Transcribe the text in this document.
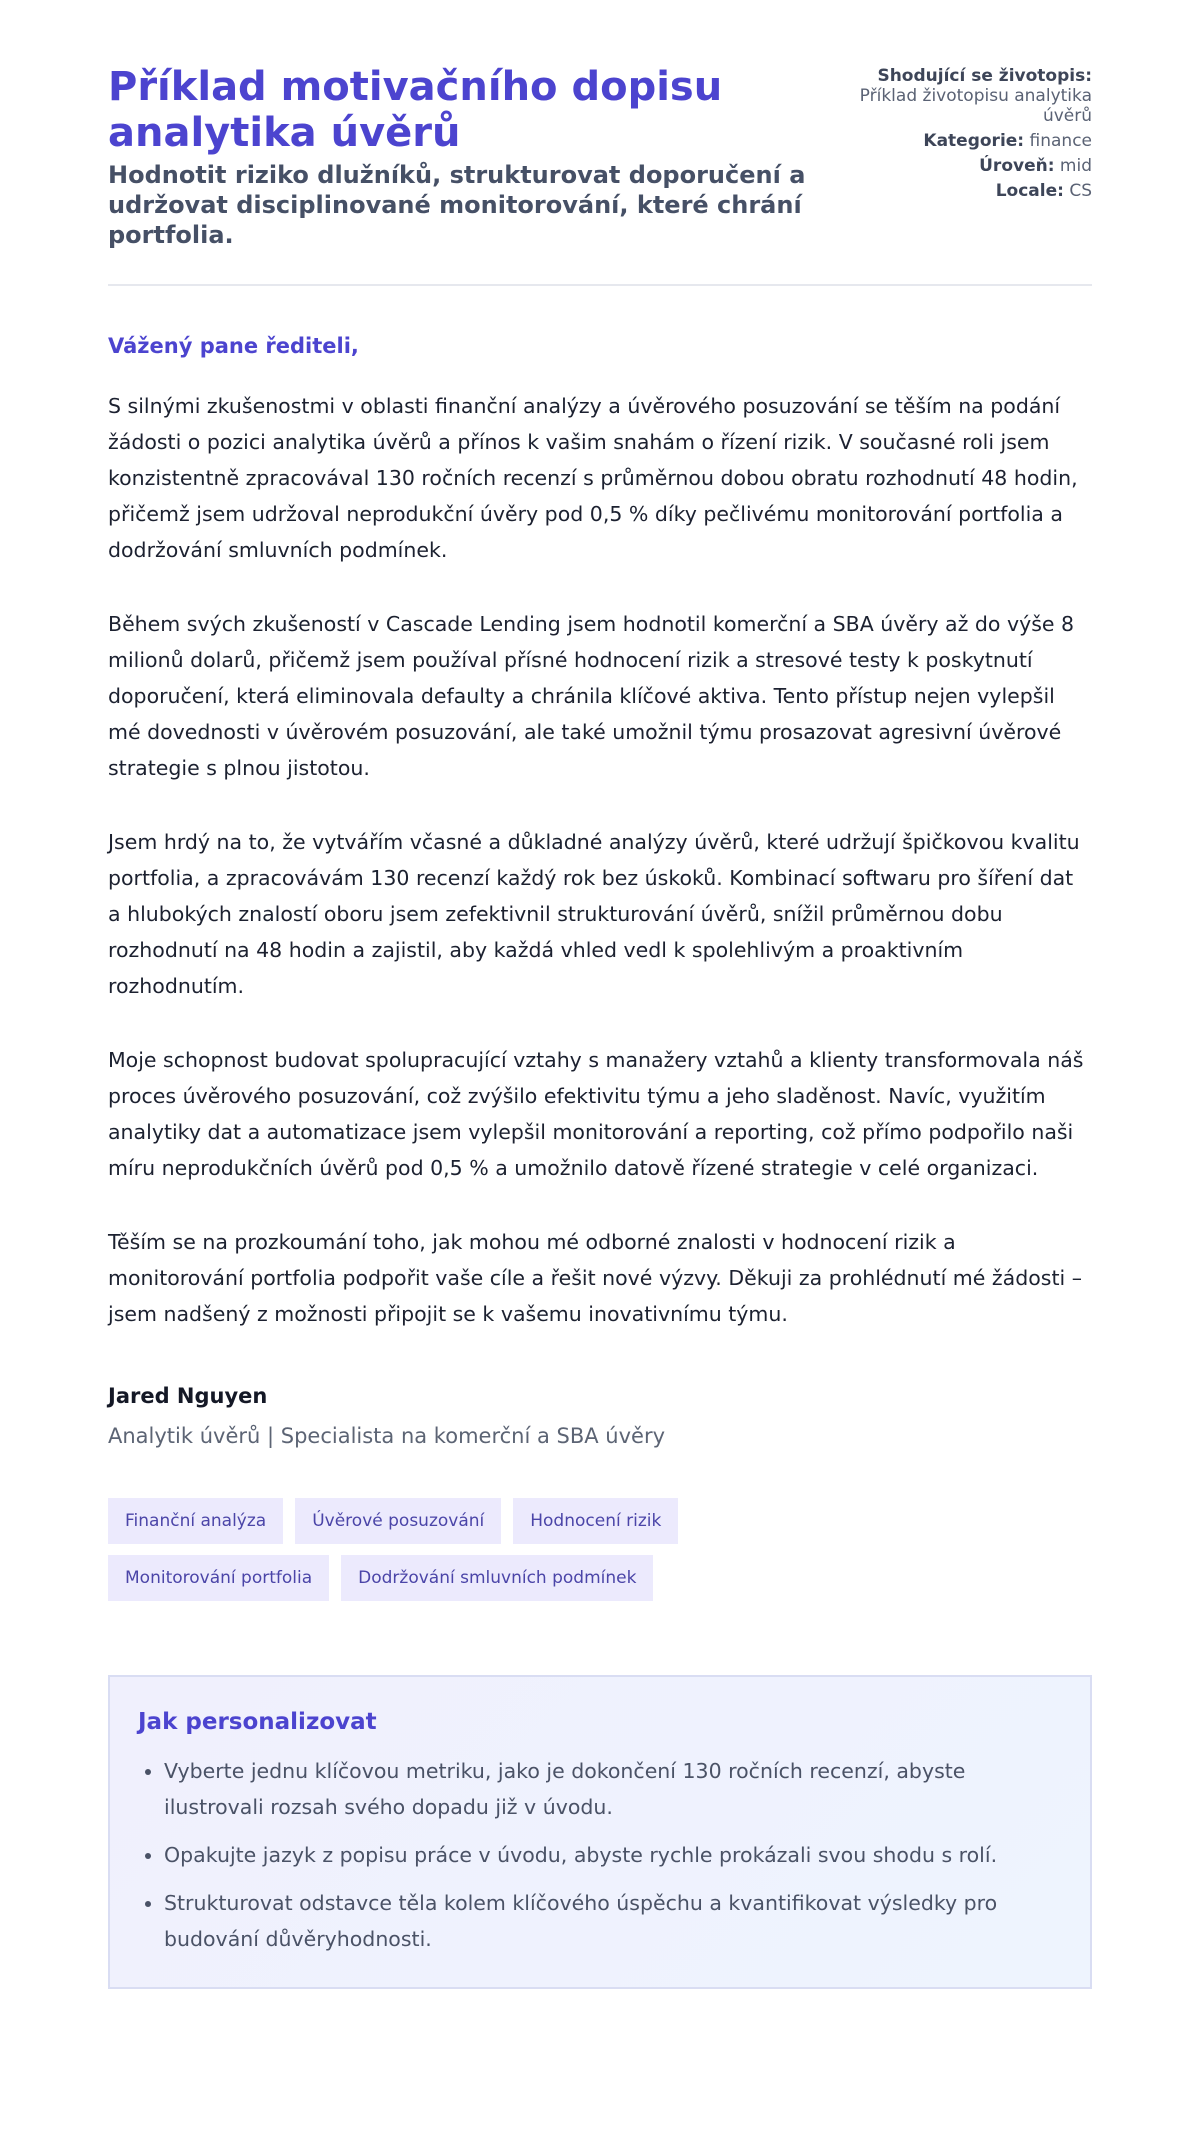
Příklad motivačního dopisu analytika úvěrů
Hodnotit riziko dlužníků, strukturovat doporučení a udržovat disciplinované monitorování, které chrání portfolia.
Shodující se životopis:
Příklad životopisu analytika úvěrů
Kategorie: finance
Úroveň: mid
Locale: CS

Vážený pane řediteli,

S silnými zkušenostmi v oblasti finanční analýzy a úvěrového posuzování se těším na podání žádosti o pozici analytika úvěrů a přínos k vašim snahám o řízení rizik. V současné roli jsem konzistentně zpracovával 130 ročních recenzí s průměrnou dobou obratu rozhodnutí 48 hodin, přičemž jsem udržoval neprodukční úvěry pod 0,5 % díky pečlivému monitorování portfolia a dodržování smluvních podmínek.

Během svých zkušeností v Cascade Lending jsem hodnotil komerční a SBA úvěry až do výše 8 milionů dolarů, přičemž jsem používal přísné hodnocení rizik a stresové testy k poskytnutí doporučení, která eliminovala defaulty a chránila klíčové aktiva. Tento přístup nejen vylepšil mé dovednosti v úvěrovém posuzování, ale také umožnil týmu prosazovat agresivní úvěrové strategie s plnou jistotou.

Jsem hrdý na to, že vytvářím včasné a důkladné analýzy úvěrů, které udržují špičkovou kvalitu portfolia, a zpracovávám 130 recenzí každý rok bez úskoků. Kombinací softwaru pro šíření dat a hlubokých znalostí oboru jsem zefektivnil strukturování úvěrů, snížil průměrnou dobu rozhodnutí na 48 hodin a zajistil, aby každá vhled vedl k spolehlivým a proaktivním rozhodnutím.

Moje schopnost budovat spolupracující vztahy s manažery vztahů a klienty transformovala náš proces úvěrového posuzování, což zvýšilo efektivitu týmu a jeho sladěnost. Navíc, využitím analytiky dat a automatizace jsem vylepšil monitorování a reporting, což přímo podpořilo naši míru neprodukčních úvěrů pod 0,5 % a umožnilo datově řízené strategie v celé organizaci.

Těším se na prozkoumání toho, jak mohou mé odborné znalosti v hodnocení rizik a monitorování portfolia podpořit vaše cíle a řešit nové výzvy. Děkuji za prohlédnutí mé žádosti – jsem nadšený z možnosti připojit se k vašemu inovativnímu týmu.

Jared Nguyen
Analytik úvěrů | Specialista na komerční a SBA úvěry
Finanční analýza	Úvěrové posuzování	Hodnocení rizik
Monitorování portfolia	Dodržování smluvních podmínek
Jak personalizovat
• Vyberte jednu klíčovou metriku, jako je dokončení 130 ročních recenzí, abyste ilustrovali rozsah svého dopadu již v úvodu.
• Opakujte jazyk z popisu práce v úvodu, abyste rychle prokázali svou shodu s rolí.
• Strukturovat odstavce těla kolem klíčového úspěchu a kvantifikovat výsledky pro budování důvěryhodnosti.
